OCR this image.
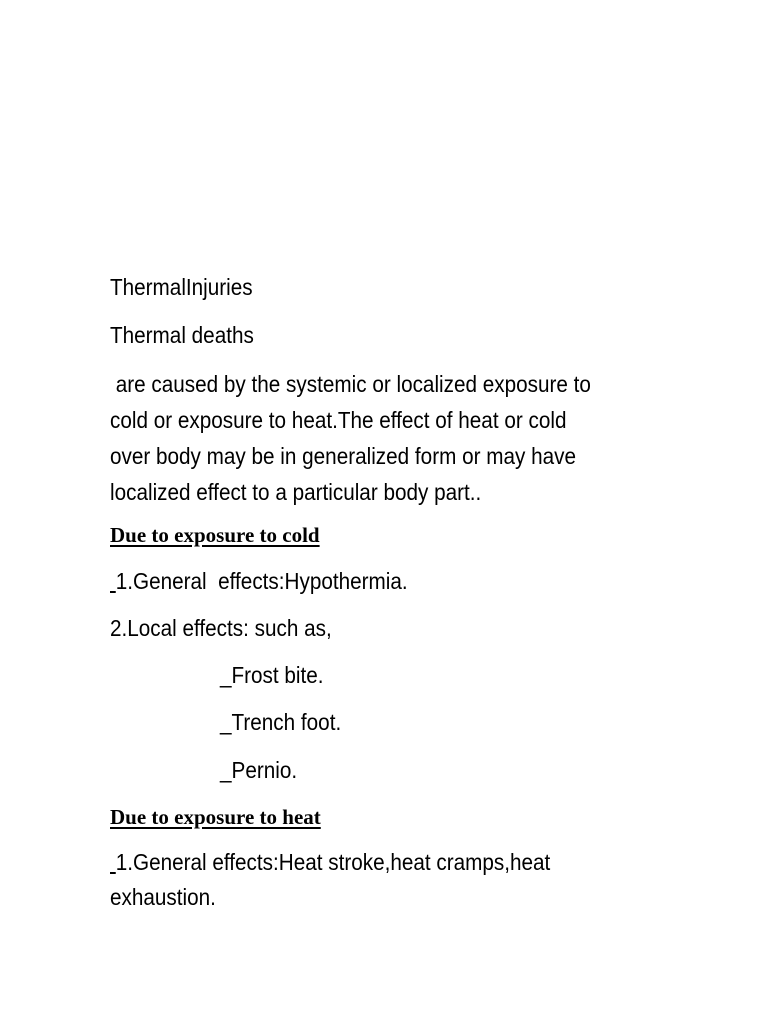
ThermalInjuries

Thermal deaths

are caused by the systemic or localized exposure to
cold or exposure to heat.The effect of heat or cold
over body may be in generalized form or may have
localized effect to a particular body part..

Due to exposure to cold

1.General  effects:Hypothermia.

2.Local effects: such as,

_Frost bite.

_Trench foot.

_Pernio.

Due to exposure to heat

1.General effects:Heat stroke,heat cramps,heat

exhaustion.
